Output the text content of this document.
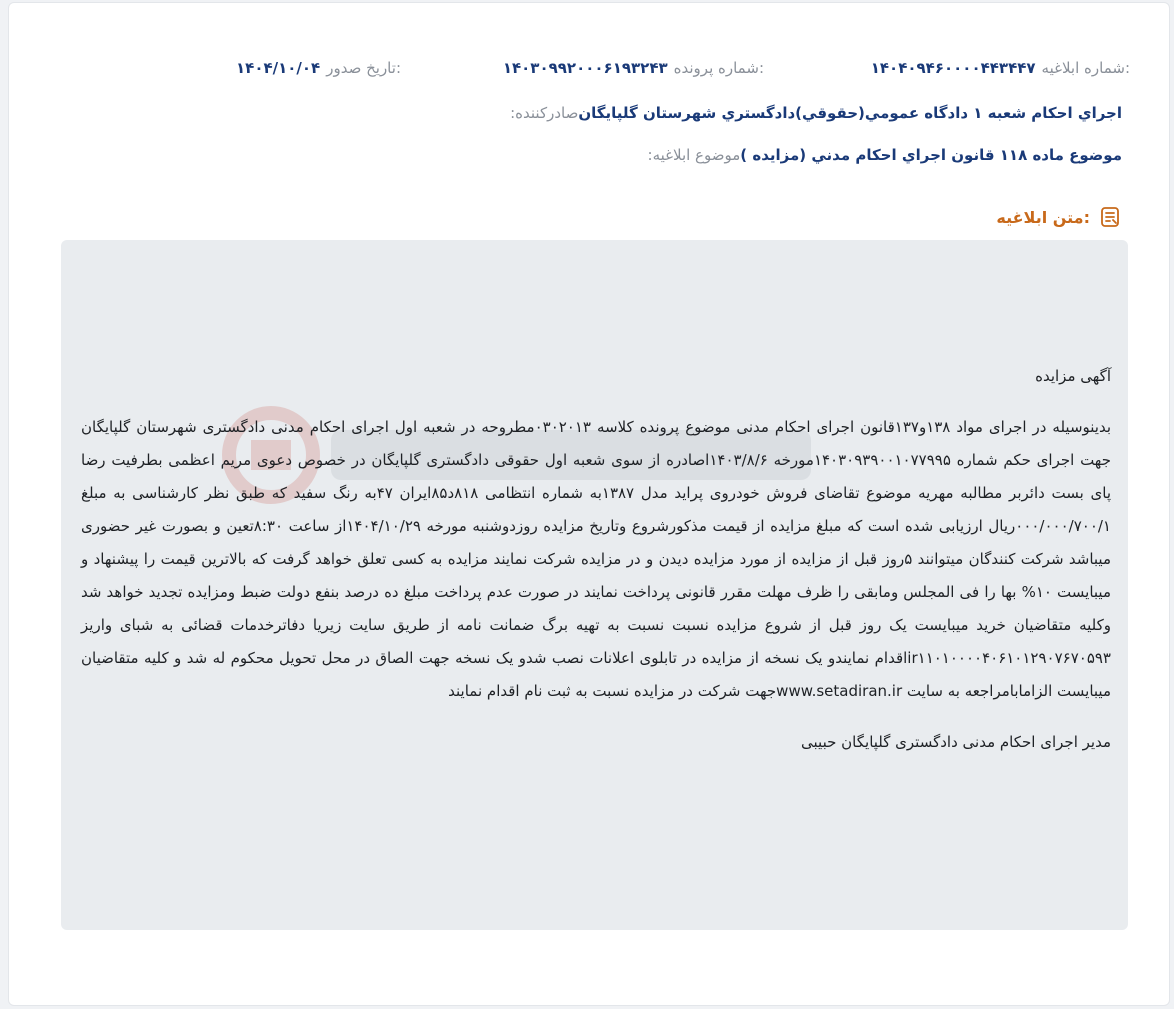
شماره ابلاغیه:
۱۴۰۴۰۹۴۶۰۰۰۰۴۴۳۴۴۷
شماره پرونده:
۱۴۰۳۰۹۹۲۰۰۰۶۱۹۳۲۴۳
تاریخ صدور:
۱۴۰۴/۱۰/۰۴
صادرکننده: اجراي احكام شعبه ۱ دادگاه عمومي(حقوقي)دادگستري شهرستان گلپايگان
موضوع ابلاغیه: موضوع ماده ۱۱۸ قانون اجراي احكام مدني (مزايده )
متن ابلاغیه:

آگهی مزایده

بدینوسیله در اجرای مواد ۱۳۸و۱۳۷قانون اجرای احکام مدنی موضوع پرونده کلاسه ۰۳۰۲۰۱۳مطروحه در شعبه اول اجرای احکام مدنی دادگستری شهرستان گلپایگان جهت اجرای حکم شماره ۱۴۰۳۰۹۳۹۰۰۱۰۷۷۹۹۵مورخه ۱۴۰۳/۸/۶اصادره از سوی شعبه اول حقوقی دادگستری گلپایگان در خصوص دعوی مریم اعظمی بطرفیت رضا پای بست دائربر مطالبه مهریه موضوع تقاضای فروش خودروی پراید مدل ۱۳۸۷به شماره انتظامی ۸۱۸د۸۵ایران ۴۷به رنگ سفید که طبق نظر کارشناسی به مبلغ ۰۰۰/۰۰۰/۷۰۰/۱ریال ارزیابی شده است که مبلغ مزایده از قیمت مذکورشروع وتاریخ مزایده روزدوشنبه مورخه ۱۴۰۴/۱۰/۲۹از ساعت ۸:۳۰تعین و بصورت غیر حضوری میباشد شرکت کنندگان میتوانند ۵روز قبل از مزایده از مورد مزایده دیدن و در مزایده شرکت نمایند مزایده به کسی تعلق خواهد گرفت که بالاترین قیمت را پیشنهاد و میبایست ۱۰% بها را فی المجلس ومابقی را ظرف مهلت مقرر قانونی پرداخت نمایند در صورت عدم پرداخت مبلغ ده درصد بنفع دولت ضبط ومزایده تجدید خواهد شد وکلیه متقاضیان خرید میبایست یک روز قبل از شروع مزایده نسبت نسبت به تهیه برگ ضمانت نامه از طریق سایت زیریا دفاترخدمات قضائی به شبای واریز ir۱۱۰۱۰۰۰۰۴۰۶۱۰۱۲۹۰۷۶۷۰۵۹۳اقدام نمایندو یک نسخه از مزایده در تابلوی اعلانات نصب شدو یک نسخه جهت الصاق در محل تحویل محکوم له شد و کلیه متقاضیان میبایست الزامابامراجعه به سایت www.setadiran.irجهت شرکت در مزایده نسبت به ثبت نام اقدام نمایند

مدیر اجرای احکام مدنی دادگستری گلپایگان حبیبی
